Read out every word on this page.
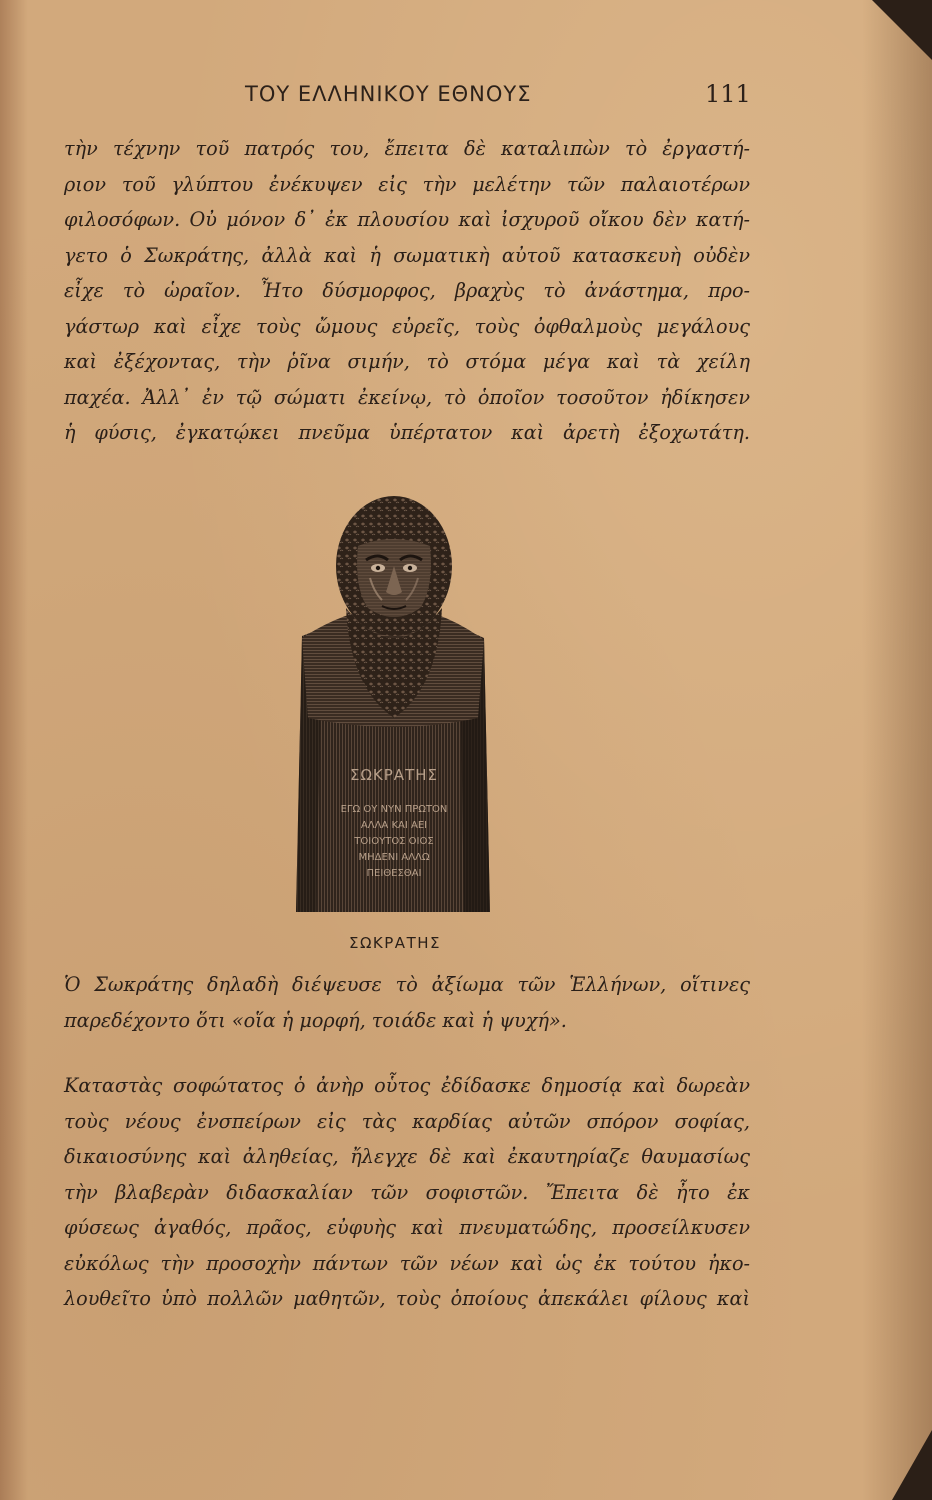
ΤΟΥ ΕΛΛΗΝΙΚΟΥ ΕΘΝΟΥΣ	111
τὴν τέχνην τοῦ πατρός του, ἔπειτα δὲ καταλιπὼν τὸ ἐργαστή-
ριον τοῦ γλύπτου ἐνέκυψεν εἰς τὴν μελέτην τῶν παλαιοτέρων
φιλοσόφων. Οὐ μόνον δ᾽ ἐκ πλουσίου καὶ ἰσχυροῦ οἴκου δὲν κατή-
γετο ὁ Σωκράτης, ἀλλὰ καὶ ἡ σωματικὴ αὐτοῦ κατασκευὴ οὐδὲν
εἶχε τὸ ὡραῖον. Ἦτο δύσμορφος, βραχὺς τὸ ἀνάστημα, προ-
γάστωρ καὶ εἶχε τοὺς ὤμους εὐρεῖς, τοὺς ὀφθαλμοὺς μεγάλους
καὶ ἐξέχοντας, τὴν ῥῖνα σιμήν, τὸ στόμα μέγα καὶ τὰ χείλη
παχέα. Ἀλλ᾽ ἐν τῷ σώματι ἐκείνῳ, τὸ ὁποῖον τοσοῦτον ἠδίκησεν
ἡ φύσις, ἐγκατῴκει πνεῦμα ὑπέρτατον καὶ ἀρετὴ ἐξοχωτάτη.
ΣΩΚΡΑΤΗΣ
ΕΓΩ ΟΥ ΝΥΝ ΠΡΩΤΟΝ
ΑΛΛΑ ΚΑΙ ΑΕΙ
ΤΟΙΟΥΤΟΣ ΟΙΟΣ
ΜΗΔΕΝΙ ΑΛΛΩ
ΠΕΙΘΕΣΘΑΙ
ΣΩΚΡΑΤΗΣ
Ὁ Σωκράτης δηλαδὴ διέψευσε τὸ ἀξίωμα τῶν Ἑλλήνων, οἵτινες
παρεδέχοντο ὅτι «οἵα ἡ μορφή, τοιάδε καὶ ἡ ψυχή».
Καταστὰς σοφώτατος ὁ ἀνὴρ οὗτος ἐδίδασκε δημοσίᾳ καὶ δωρεὰν
τοὺς νέους ἐνσπείρων εἰς τὰς καρδίας αὐτῶν σπόρον σοφίας,
δικαιοσύνης καὶ ἀληθείας, ἤλεγχε δὲ καὶ ἐκαυτηρίαζε θαυμασίως
τὴν βλαβερὰν διδασκαλίαν τῶν σοφιστῶν. Ἔπειτα δὲ ἦτο ἐκ
φύσεως ἀγαθός, πρᾶος, εὐφυὴς καὶ πνευματώδης, προσείλκυσεν
εὐκόλως τὴν προσοχὴν πάντων τῶν νέων καὶ ὡς ἐκ τούτου ἠκο-
λουθεῖτο ὑπὸ πολλῶν μαθητῶν, τοὺς ὁποίους ἀπεκάλει φίλους καὶ
